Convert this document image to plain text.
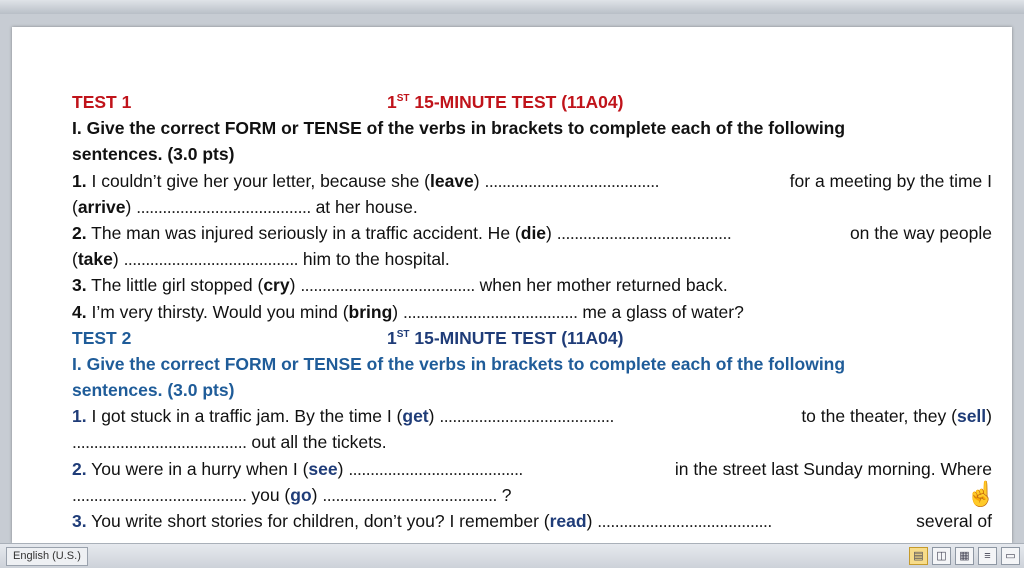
TEST 1	1ST 15-MINUTE TEST (11A04)
I. Give the correct FORM or TENSE of the verbs in brackets to complete each of the following
sentences. (3.0 pts)
1. I couldn’t give her your letter, because she (leave) ........................................	for a meeting by the time I
(arrive) ........................................ at her house.
2. The man was injured seriously in a traffic accident. He (die) ........................................	on the way people
(take) ........................................ him to the hospital.
3. The little girl stopped (cry) ........................................ when her mother returned back.
4. I’m very thirsty. Would you mind (bring) ........................................ me a glass of water?
TEST 2	1ST 15-MINUTE TEST (11A04)
I. Give the correct FORM or TENSE of the verbs in brackets to complete each of the following
sentences. (3.0 pts)
1. I got stuck in a traffic jam. By the time I (get) ........................................	to the theater, they (sell)
........................................ out all the tickets.
2. You were in a hurry when I (see) ........................................	in the street last Sunday morning. Where
........................................ you (go) ........................................ ?
3. You write short stories for children, don’t you? I remember (read) ........................................	several of
☝
English (U.S.)	▤	◫	▦	≡	▭
